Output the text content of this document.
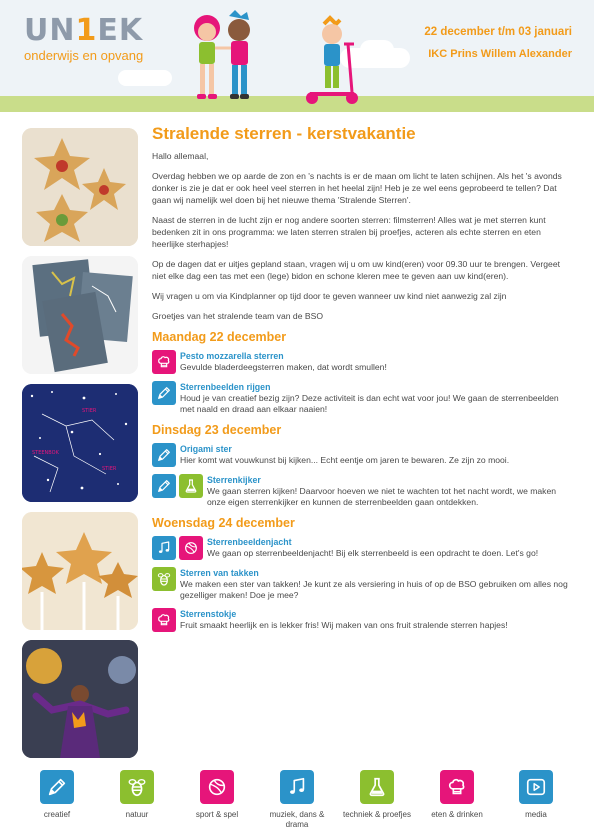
UN1EK
onderwijs en opvang
22 december t/m 03 januari
IKC Prins Willem Alexander
STIER
STIER
STEENBOK
Stralende sterren - kerstvakantie

Hallo allemaal,

Overdag hebben we op aarde de zon en 's nachts is er de maan om licht te laten schijnen. Als het 's avonds donker is zie je dat er ook heel veel sterren in het heelal zijn! Heb je ze wel eens geprobeerd te tellen? Dat gaan wij namelijk wel doen bij het nieuwe thema 'Stralende Sterren'.

Naast de sterren in de lucht zijn er nog andere soorten sterren: filmsterren! Alles wat je met sterren kunt bedenken zit in ons programma: we laten sterren stralen bij proefjes, acteren als echte sterren en eten heerlijke sterhapjes!

Op de dagen dat er uitjes gepland staan, vragen wij u om uw kind(eren) voor 09.30 uur te brengen. Vergeet niet elke dag een tas met een (lege) bidon en schone kleren mee te geven aan uw kind(eren).

Wij vragen u om via Kindplanner op tijd door te geven wanneer uw kind niet aanwezig zal zijn

Groetjes van het stralende team van de BSO

Maandag 22 december
Pesto mozzarella sterren
Gevulde bladerdeegsterren maken, dat wordt smullen!
Sterrenbeelden rijgen
Houd je van creatief bezig zijn? Deze activiteit is dan echt wat voor jou! We gaan de sterrenbeelden met naald en draad aan elkaar naaien!
Dinsdag 23 december
Origami ster
Hier komt wat vouwkunst bij kijken... Echt eentje om jaren te bewaren. Ze zijn zo mooi.
Sterrenkijker
We gaan sterren kijken! Daarvoor hoeven we niet te wachten tot het nacht wordt, we maken onze eigen sterrenkijker en kunnen de sterrenbeelden gaan ontdekken.
Woensdag 24 december
Sterrenbeeldenjacht
We gaan op sterrenbeeldenjacht! Bij elk sterrenbeeld is een opdracht te doen. Let's go!
Sterren van takken
We maken een ster van takken! Je kunt ze als versiering in huis of op de BSO gebruiken om alles nog gezelliger maken! Doe je mee?
Sterrenstokje
Fruit smaakt heerlijk en is lekker fris! Wij maken van ons fruit stralende sterren hapjes!
creatief	natuur	sport & spel	muziek, dans & drama
techniek & proefjes	eten & drinken	media
